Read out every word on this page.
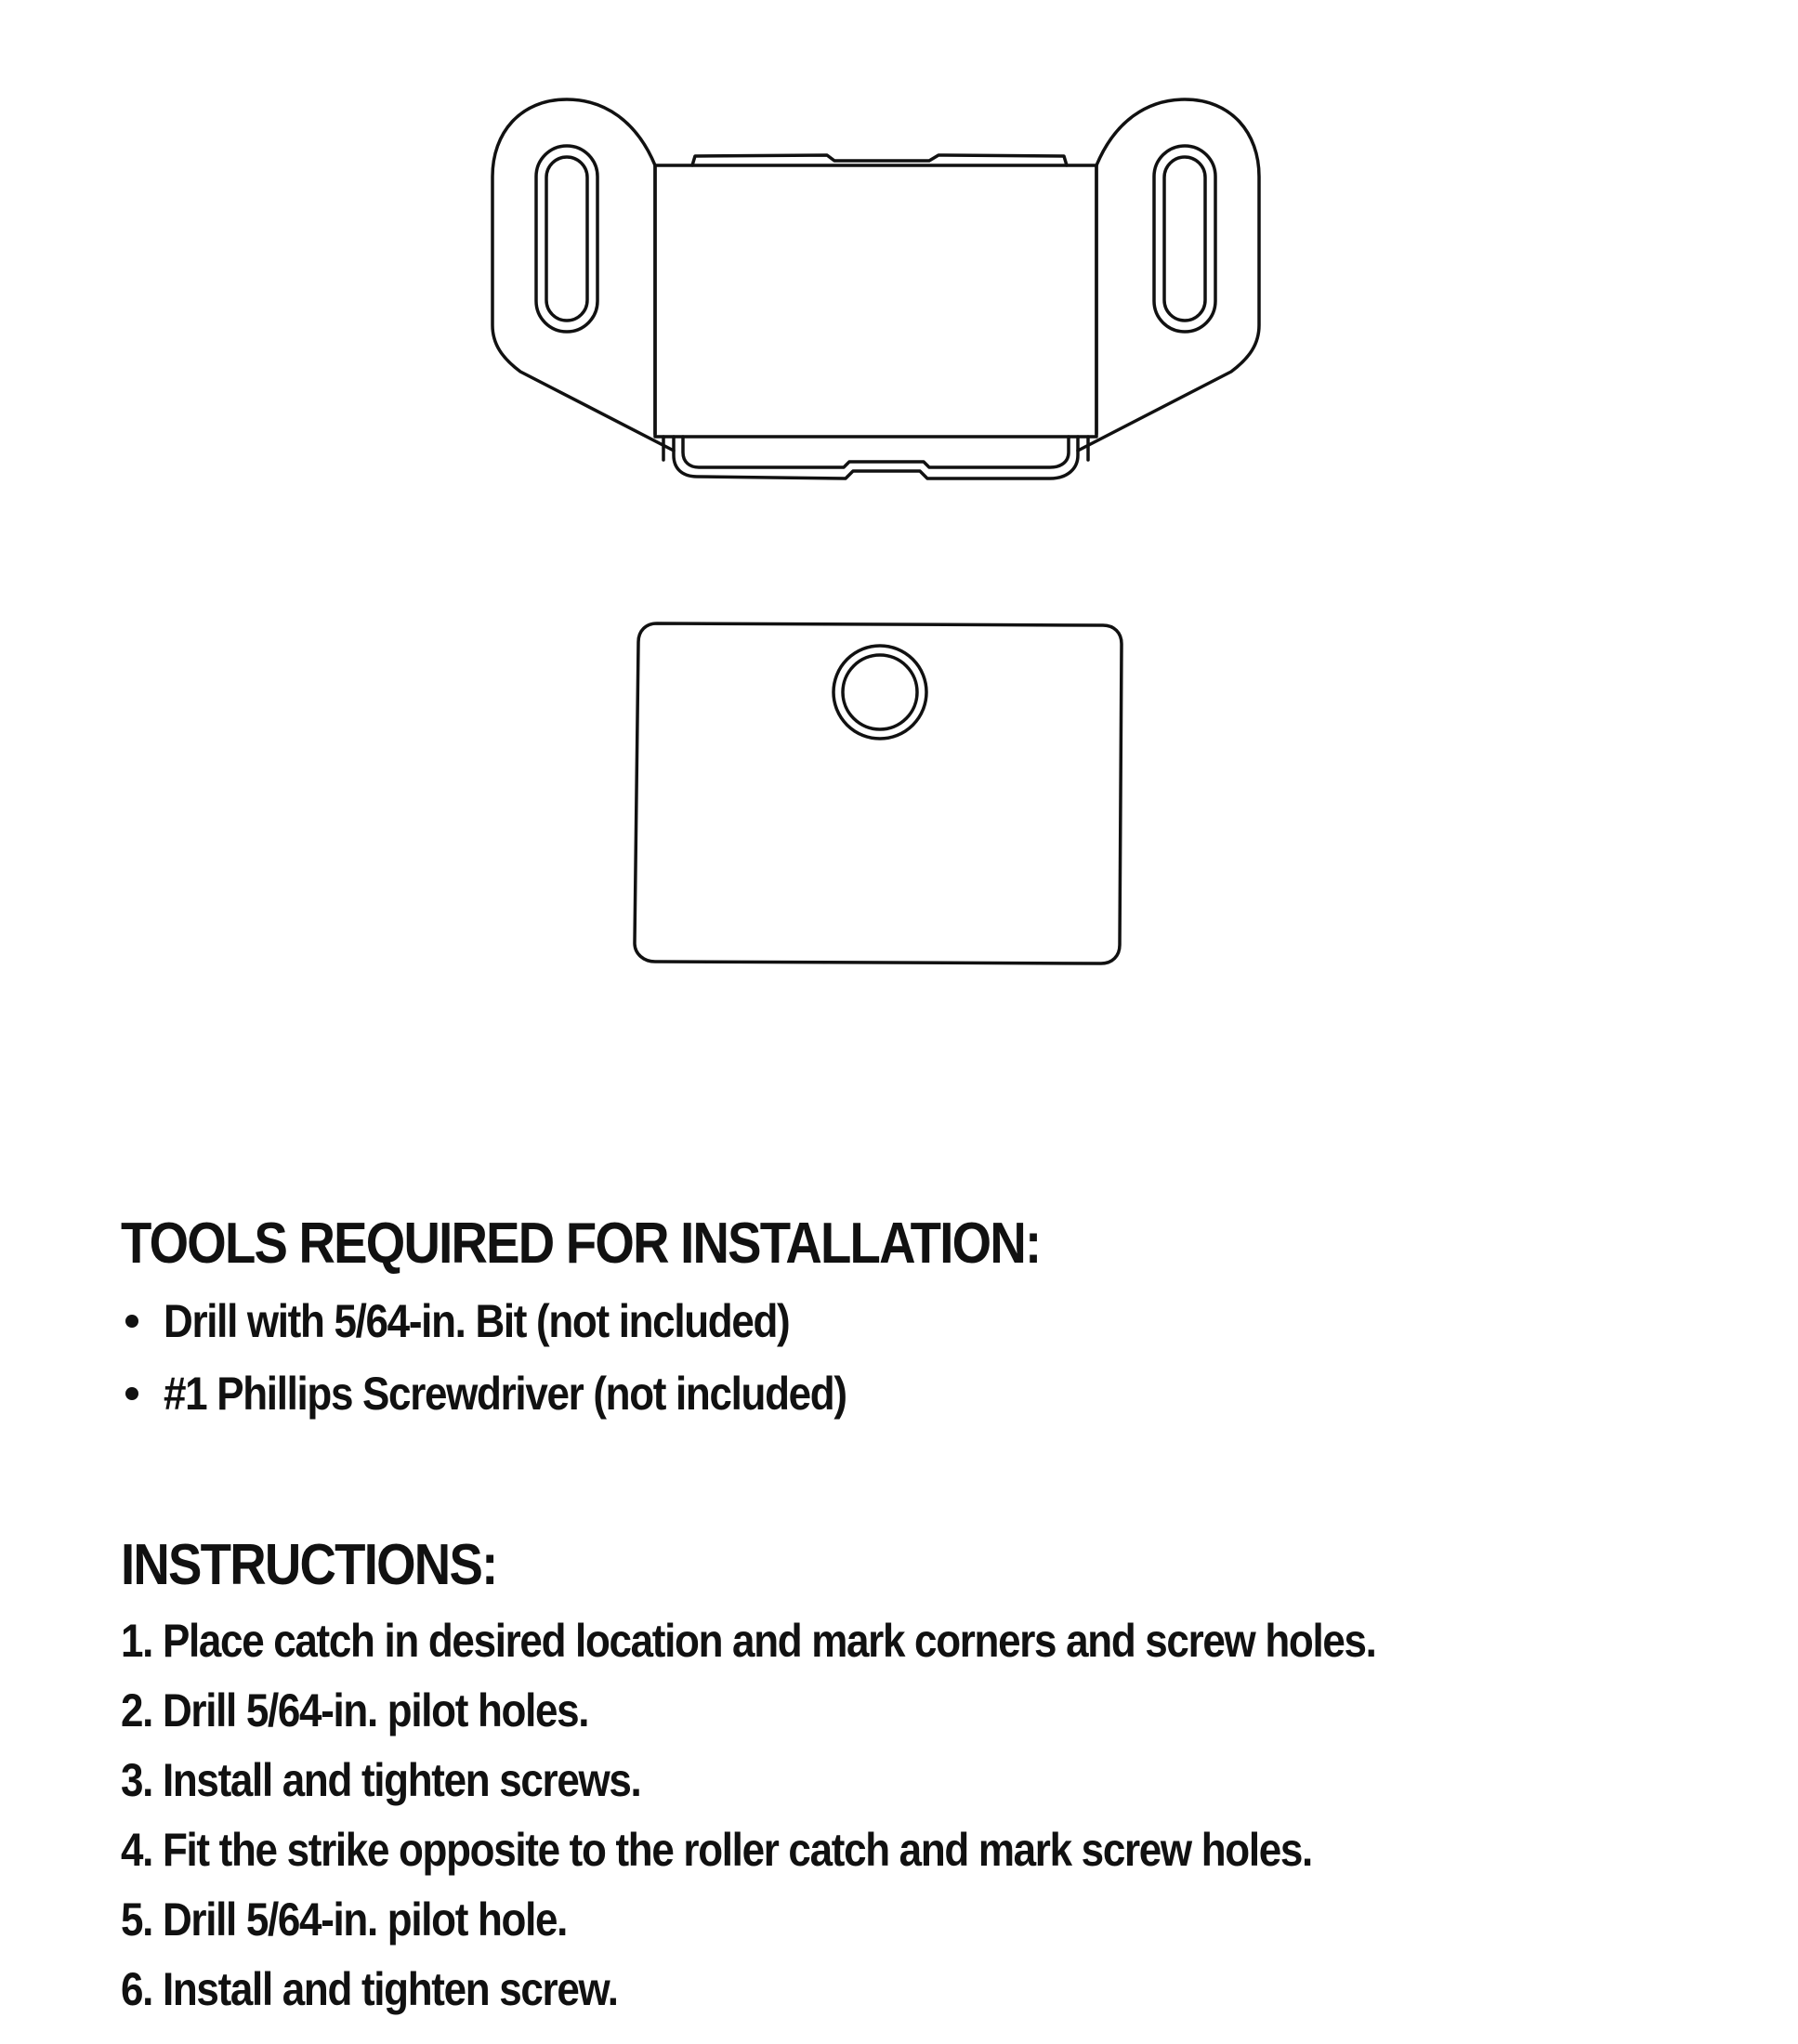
TOOLS REQUIRED FOR INSTALLATION:
Drill with 5/64-in. Bit (not included)
#1 Phillips Screwdriver (not included)
INSTRUCTIONS:
1. Place catch in desired location and mark corners and screw holes.
2. Drill 5/64-in. pilot holes.
3. Install and tighten screws.
4. Fit the strike opposite to the roller catch and mark screw holes.
5. Drill 5/64-in. pilot hole.
6. Install and tighten screw.
